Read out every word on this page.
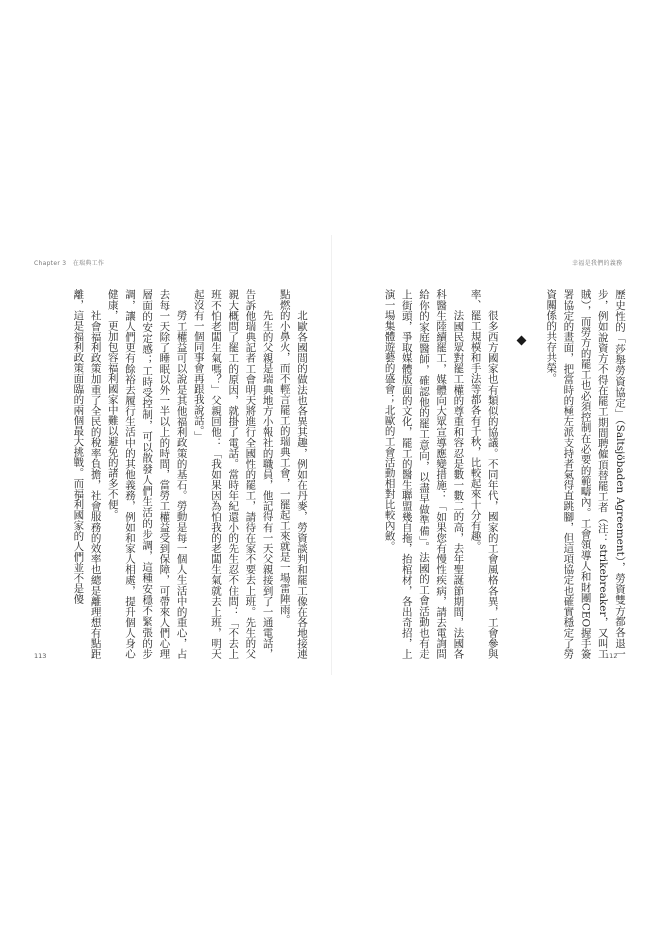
Chapter 3　在瑞典工作

北歐各國間的做法也各異其趣，例如在丹麥，勞資談判和罷工像在各地接連點燃的小鼻火，而不輕言罷工的瑞典工會，一罷起工來就是一場雷陣雨。

先生的父親是瑞典地方小報社的職員，他記得有一天父親接到了一通電話，告訴他瑞典記者工會明天將進行全國性的罷工，請待在家不要去上班。先生的父親大概問了罷工的原因，就掛了電話。當時年紀還小的先生忍不住問：「不去上班不怕老闆生氣嗎？」父親回他：「我如果因為怕我的老闆生氣就去上班，明天起沒有一個同事會再跟我說話。」

勞工權益可以說是其他福利政策的基石。勞動是每一個人生活中的重心，占去每一天除了睡眠以外一半以上的時間，當勞工權益受到保障，可帶來人們心理層面的安定感；工時受控制，可以散發人們生活的步調，這種安穩不緊張的步調，讓人們更有餘裕去履行生活中的其他義務，例如和家人相處，提升個人身心健康，更加包容福利國家中難以避免的諸多不便。

社會福利政策加重了全民的稅率負擔，社會服務的效率也總是離理想有點距離，這是福利政策面臨的兩個最大挑戰。而福利國家的人們並不是傻

113
幸福是我們的義務

歷史性的「莎舉勞資協定」（Saltsjöbaden Agreement），勞資雙方都各退一步，例如說資方不得在罷工期間聘僱頂替罷工者（注：strikebreaker，又叫工賊），而勞方的罷工也必須控制在必要的範疇內。工會領導人和財團CEO握手簽署協定的畫面，把當時的極左派支持者氣得直跳腳，但這項協定也確實穩定了勞資關係的共存共榮。

很多西方國家也有類似的協議。不同年代，國家的工會風格各異，工會參與率、罷工規模和手法等都各有千秋，比較起來十分有趣。

法國民眾對罷工權的尊重和容忍是數一數二的高，去年聖誕節期間，法國各科醫生陸續罷工，媒體向大眾宣導應變措施：「如果您有慢性疾病，請去電詢問給你的家庭醫師，確認他的罷工意向，以盡早做準備」。法國的工會活動也有走上街頭，爭取媒體版面的文化，罷工的醫生聯盟幾自拖，抬棺材，各出奇招，上演一場集體遊藝的盛會；北歐的工會活動相對比較內斂。

112
